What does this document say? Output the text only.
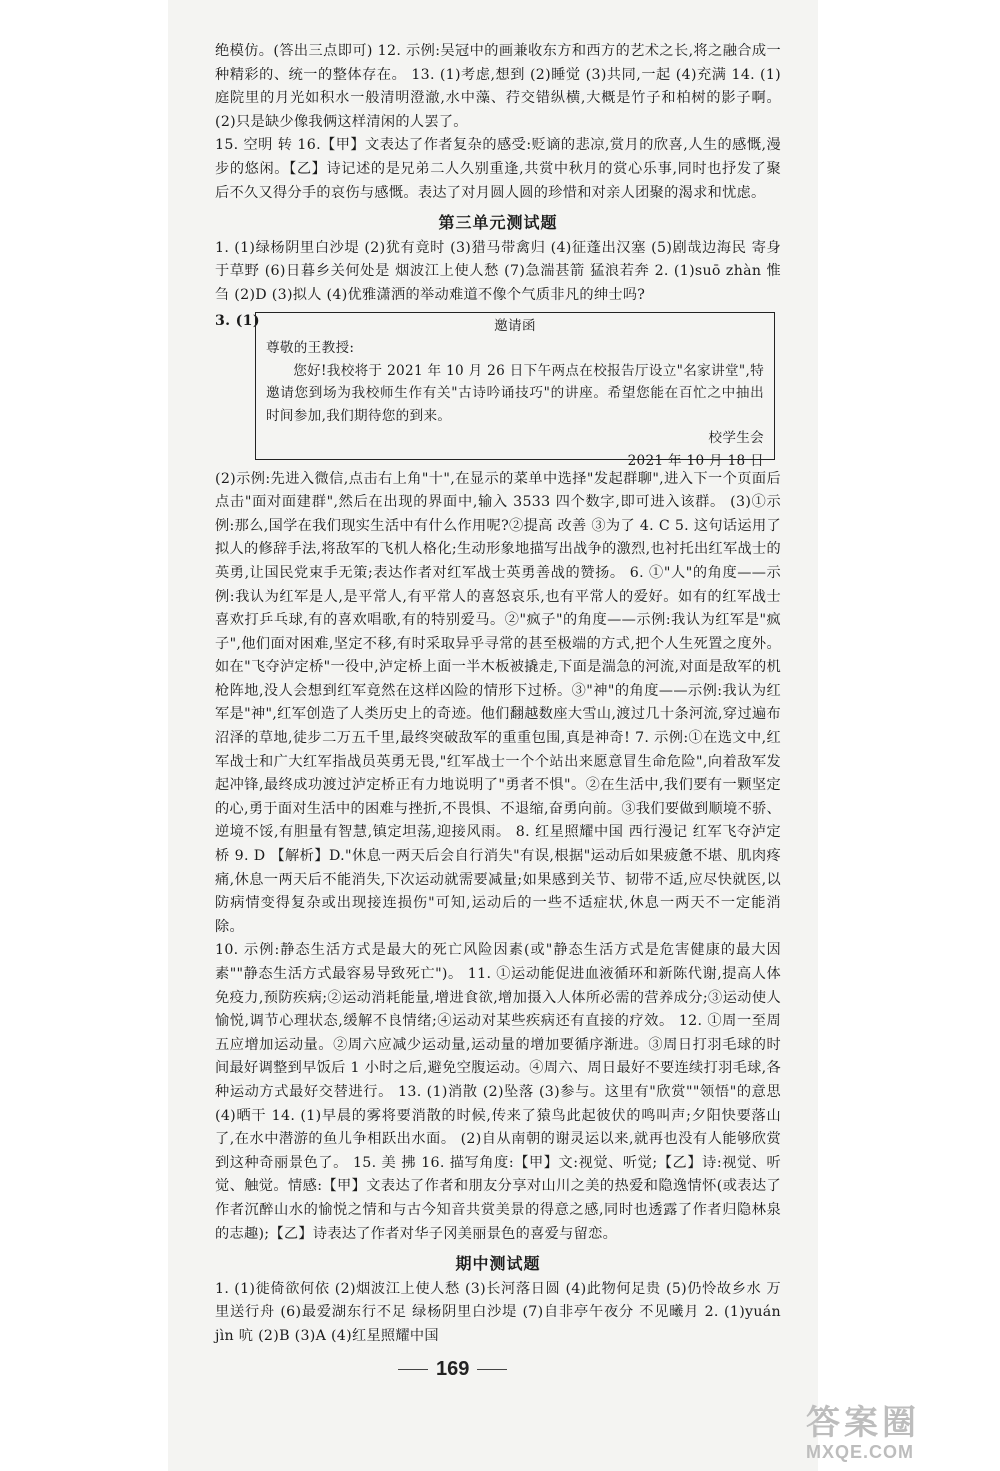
绝模仿。(答出三点即可) 12. 示例:吴冠中的画兼收东方和西方的艺术之长,将之融合成一种精彩的、统一的整体存在。 13. (1)考虑,想到 (2)睡觉 (3)共同,一起 (4)充满 14. (1)庭院里的月光如积水一般清明澄澈,水中藻、荇交错纵横,大概是竹子和柏树的影子啊。 (2)只是缺少像我俩这样清闲的人罢了。

15. 空明 转 16.【甲】文表达了作者复杂的感受:贬谪的悲凉,赏月的欣喜,人生的感慨,漫步的悠闲。【乙】诗记述的是兄弟二人久别重逢,共赏中秋月的赏心乐事,同时也抒发了聚后不久又得分手的哀伤与感慨。表达了对月圆人圆的珍惜和对亲人团聚的渴求和忧虑。

第三单元测试题

1. (1)绿杨阴里白沙堤 (2)犹有竟时 (3)猎马带禽归 (4)征蓬出汉塞 (5)剧哉边海民 寄身于草野 (6)日暮乡关何处是 烟波江上使人愁 (7)急湍甚箭 猛浪若奔 2. (1)suō zhàn 惟 刍 (2)D (3)拟人 (4)优雅潇洒的举动难道不像个气质非凡的绅士吗?

3. (1)	邀请函
尊敬的王教授:

您好!我校将于 2021 年 10 月 26 日下午两点在校报告厅设立"名家讲堂",特邀请您到场为我校师生作有关"古诗吟诵技巧"的讲座。希望您能在百忙之中抽出时间参加,我们期待您的到来。

校学生会
2021 年 10 月 18 日

(2)示例:先进入微信,点击右上角"十",在显示的菜单中选择"发起群聊",进入下一个页面后点击"面对面建群",然后在出现的界面中,输入 3533 四个数字,即可进入该群。 (3)①示例:那么,国学在我们现实生活中有什么作用呢?②提高 改善 ③为了 4. C 5. 这句话运用了拟人的修辞手法,将敌军的飞机人格化;生动形象地描写出战争的激烈,也衬托出红军战士的英勇,让国民党束手无策;表达作者对红军战士英勇善战的赞扬。 6. ①"人"的角度——示例:我认为红军是人,是平常人,有平常人的喜怒哀乐,也有平常人的爱好。如有的红军战士喜欢打乒乓球,有的喜欢唱歌,有的特别爱马。②"疯子"的角度——示例:我认为红军是"疯子",他们面对困难,坚定不移,有时采取异乎寻常的甚至极端的方式,把个人生死置之度外。如在"飞夺泸定桥"一役中,泸定桥上面一半木板被撬走,下面是湍急的河流,对面是敌军的机枪阵地,没人会想到红军竟然在这样凶险的情形下过桥。③"神"的角度——示例:我认为红军是"神",红军创造了人类历史上的奇迹。他们翻越数座大雪山,渡过几十条河流,穿过遍布沼泽的草地,徒步二万五千里,最终突破敌军的重重包围,真是神奇! 7. 示例:①在选文中,红军战士和广大红军指战员英勇无畏,"红军战士一个个站出来愿意冒生命危险",向着敌军发起冲锋,最终成功渡过泸定桥正有力地说明了"勇者不惧"。②在生活中,我们要有一颗坚定的心,勇于面对生活中的困难与挫折,不畏惧、不退缩,奋勇向前。③我们要做到顺境不骄、逆境不馁,有胆量有智慧,镇定坦荡,迎接风雨。 8. 红星照耀中国 西行漫记 红军飞夺泸定桥 9. D 【解析】D."休息一两天后会自行消失"有误,根据"运动后如果疲惫不堪、肌肉疼痛,休息一两天后不能消失,下次运动就需要减量;如果感到关节、韧带不适,应尽快就医,以防病情变得复杂或出现接连损伤"可知,运动后的一些不适症状,休息一两天不一定能消除。

10. 示例:静态生活方式是最大的死亡风险因素(或"静态生活方式是危害健康的最大因素""静态生活方式最容易导致死亡")。 11. ①运动能促进血液循环和新陈代谢,提高人体免疫力,预防疾病;②运动消耗能量,增进食欲,增加摄入人体所必需的营养成分;③运动使人愉悦,调节心理状态,缓解不良情绪;④运动对某些疾病还有直接的疗效。 12. ①周一至周五应增加运动量。②周六应减少运动量,运动量的增加要循序渐进。③周日打羽毛球的时间最好调整到早饭后 1 小时之后,避免空腹运动。④周六、周日最好不要连续打羽毛球,各种运动方式最好交替进行。 13. (1)消散 (2)坠落 (3)参与。这里有"欣赏""领悟"的意思 (4)晒干 14. (1)早晨的雾将要消散的时候,传来了猿鸟此起彼伏的鸣叫声;夕阳快要落山了,在水中潜游的鱼儿争相跃出水面。 (2)自从南朝的谢灵运以来,就再也没有人能够欣赏到这种奇丽景色了。 15. 美 拂 16. 描写角度:【甲】文:视觉、听觉;【乙】诗:视觉、听觉、触觉。情感:【甲】文表达了作者和朋友分享对山川之美的热爱和隐逸情怀(或表达了作者沉醉山水的愉悦之情和与古今知音共赏美景的得意之感,同时也透露了作者归隐林泉的志趣);【乙】诗表达了作者对华子冈美丽景色的喜爱与留恋。

期中测试题

1. (1)徙倚欲何依 (2)烟波江上使人愁 (3)长河落日圆 (4)此物何足贵 (5)仍怜故乡水 万里送行舟 (6)最爱湖东行不足 绿杨阴里白沙堤 (7)自非亭午夜分 不见曦月 2. (1)yuán jìn 吭 (2)B (3)A (4)红星照耀中国

169
答案圈
MXQE.COM
